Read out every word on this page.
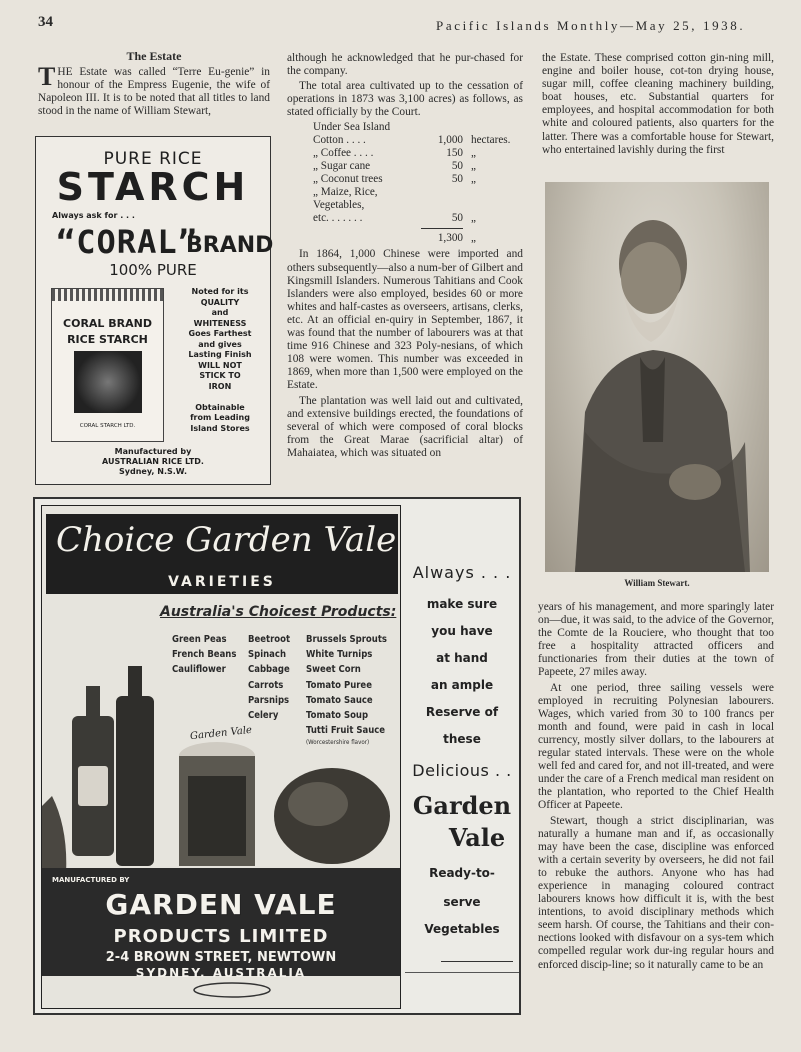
34	Pacific Islands Monthly—May 25, 1938.
The Estate

THE Estate was called “Terre Eu-genie” in honour of the Empress Eugenie, the wife of Napoleon III. It is to be noted that all titles to land stood in the name of William Stewart,

PURE RICE
STARCH
Always ask for . . .
“CORAL”
BRAND
100% PURE
CORAL BRAND
RICE STARCH
CORAL STARCH LTD.
Noted for its
QUALITY
and
WHITENESS
Goes Farthest
and gives
Lasting Finish
WILL NOT
STICK TO
IRON

Obtainable
from Leading
Island Stores
Manufactured by
AUSTRALIAN RICE LTD.
Sydney, N.S.W.

although he acknowledged that he pur-chased for the company.

The total area cultivated up to the cessation of operations in 1873 was 3,100 acres) as follows, as stated officially by the Court.

Under Sea Island
Cotton . . . .	1,000 hectares.
„ Coffee . . . .	150 „
„ Sugar cane	50 „
„ Coconut trees	50 „
„ Maize, Rice,
Vegetables,
etc. . . . . . .	50 „
1,300 „

In 1864, 1,000 Chinese were imported and others subsequently—also a num-ber of Gilbert and Kingsmill Islanders. Numerous Tahitians and Cook Islanders were also employed, besides 60 or more whites and half-castes as overseers, artisans, clerks, etc. At an official en-quiry in September, 1867, it was found that the number of labourers was at that time 916 Chinese and 323 Poly-nesians, of which 108 were women. This number was exceeded in 1869, when more than 1,500 were employed on the Estate.

The plantation was well laid out and cultivated, and extensive buildings erected, the foundations of several of which were composed of coral blocks from the Great Marae (sacrificial altar) of Mahaiatea, which was situated on

the Estate. These comprised cotton gin-ning mill, engine and boiler house, cot-ton drying house, sugar mill, coffee cleaning machinery building, boat houses, etc. Substantial quarters for employees, and hospital accommodation for both white and coloured patients, also quarters for the latter. There was a comfortable house for Stewart, who entertained lavishly during the first

William Stewart.

years of his management, and more sparingly later on—due, it was said, to the advice of the Governor, the Comte de la Rouciere, who thought that too free a hospitality attracted officers and functionaries from their duties at the town of Papeete, 27 miles away.

At one period, three sailing vessels were employed in recruiting Polynesian labourers. Wages, which varied from 30 to 100 francs per month and found, were paid in cash in local currency, mostly silver dollars, to the labourers at regular stated intervals. These were on the whole well fed and cared for, and not ill-treated, and were under the care of a French medical man resident on the plantation, who reported to the Chief Health Officer at Papeete.

Stewart, though a strict disciplinarian, was naturally a humane man and if, as occasionally may have been the case, discipline was enforced with a certain severity by overseers, he did not fail to rebuke the authors. Anyone who has had experience in managing coloured contract labourers knows how difficult it is, with the best intentions, to avoid disciplinary methods which seem harsh. Of course, the Tahitians and their con-nections looked with disfavour on a sys-tem which compelled regular work dur-ing regular hours and enforced discip-line; so it naturally came to be an

Choice Garden Vale
VARIETIES
Garden Vale
Australia's Choicest Products:
Green Peas
French Beans
Cauliflower
Beetroot
Spinach
Cabbage
Carrots
Parsnips
Celery
Brussels Sprouts
White Turnips
Sweet Corn
Tomato Puree
Tomato Sauce
Tomato Soup
Tutti Fruit Sauce
(Worcestershire flavor)
MANUFACTURED BY
GARDEN VALE
PRODUCTS LIMITED
2-4 BROWN STREET, NEWTOWN
SYDNEY. AUSTRALIA
Always . . .
make sure
you have
at hand
an ample
Reserve of
these
Delicious . .
Garden
Vale
Ready-to-
serve
Vegetables
